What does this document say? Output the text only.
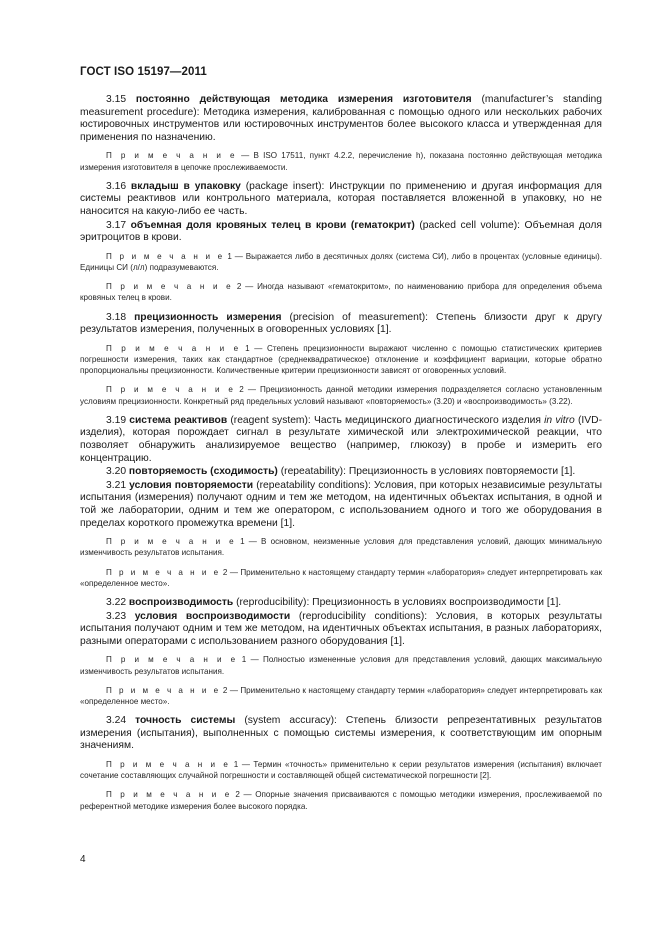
ГОСТ ISO 15197—2011

3.15 постоянно действующая методика измерения изготовителя (manufacturer’s standing measurement procedure): Методика измерения, калиброванная с помощью одного или нескольких рабочих юстировочных инструментов или юстировочных инструментов более высокого класса и утвержденная для применения по назначению.

П р и м е ч а н и е — В ISO 17511, пункт 4.2.2, перечисление h), показана постоянно действующая методика измерения изготовителя в цепочке прослеживаемости.

3.16 вкладыш в упаковку (package insert): Инструкции по применению и другая информация для системы реактивов или контрольного материала, которая поставляется вложенной в упаковку, но не наносится на какую-либо ее часть.

3.17 объемная доля кровяных телец в крови (гематокрит) (packed cell volume): Объемная доля эритроцитов в крови.

П р и м е ч а н и е 1 — Выражается либо в десятичных долях (система СИ), либо в процентах (условные единицы). Единицы СИ (л/л) подразумеваются.

П р и м е ч а н и е 2 — Иногда называют «гематокритом», по наименованию прибора для определения объема кровяных телец в крови.

3.18 прецизионность измерения (precision of measurement): Степень близости друг к другу результатов измерения, полученных в оговоренных условиях [1].

П р и м е ч а н и е 1 — Степень прецизионности выражают численно с помощью статистических критериев погрешности измерения, таких как стандартное (среднеквадратическое) отклонение и коэффициент вариации, которые обратно пропорциональны прецизионности. Количественные критерии прецизионности зависят от оговоренных условий.

П р и м е ч а н и е 2 — Прецизионность данной методики измерения подразделяется согласно установленным условиям прецизионности. Конкретный ряд предельных условий называют «повторяемость» (3.20) и «воспроизводимость» (3.22).

3.19 система реактивов (reagent system): Часть медицинского диагностического изделия in vitro (IVD-изделия), которая порождает сигнал в результате химической или электрохимической реакции, что позволяет обнаружить анализируемое вещество (например, глюкозу) в пробе и измерить его концентрацию.

3.20 повторяемость (сходимость) (repeatability): Прецизионность в условиях повторяемости [1].

3.21 условия повторяемости (repeatability conditions): Условия, при которых независимые результаты испытания (измерения) получают одним и тем же методом, на идентичных объектах испытания, в одной и той же лаборатории, одним и тем же оператором, с использованием одного и того же оборудования в пределах короткого промежутка времени [1].

П р и м е ч а н и е 1 — В основном, неизменные условия для представления условий, дающих минимальную изменчивость результатов испытания.

П р и м е ч а н и е 2 — Применительно к настоящему стандарту термин «лаборатория» следует интерпретировать как «определенное место».

3.22 воспроизводимость (reproducibility): Прецизионность в условиях воспроизводимости [1].

3.23 условия воспроизводимости (reproducibility conditions): Условия, в которых результаты испытания получают одним и тем же методом, на идентичных объектах испытания, в разных лабораториях, разными операторами с использованием разного оборудования [1].

П р и м е ч а н и е 1 — Полностью измененные условия для представления условий, дающих максимальную изменчивость результатов испытания.

П р и м е ч а н и е 2 — Применительно к настоящему стандарту термин «лаборатория» следует интерпретировать как «определенное место».

3.24 точность системы (system accuracy): Степень близости репрезентативных результатов измерения (испытания), выполненных с помощью системы измерения, к соответствующим им опорным значениям.

П р и м е ч а н и е 1 — Термин «точность» применительно к серии результатов измерения (испытания) включает сочетание составляющих случайной погрешности и составляющей общей систематической погрешности [2].

П р и м е ч а н и е 2 — Опорные значения присваиваются с помощью методики измерения, прослеживаемой по референтной методике измерения более высокого порядка.

4
